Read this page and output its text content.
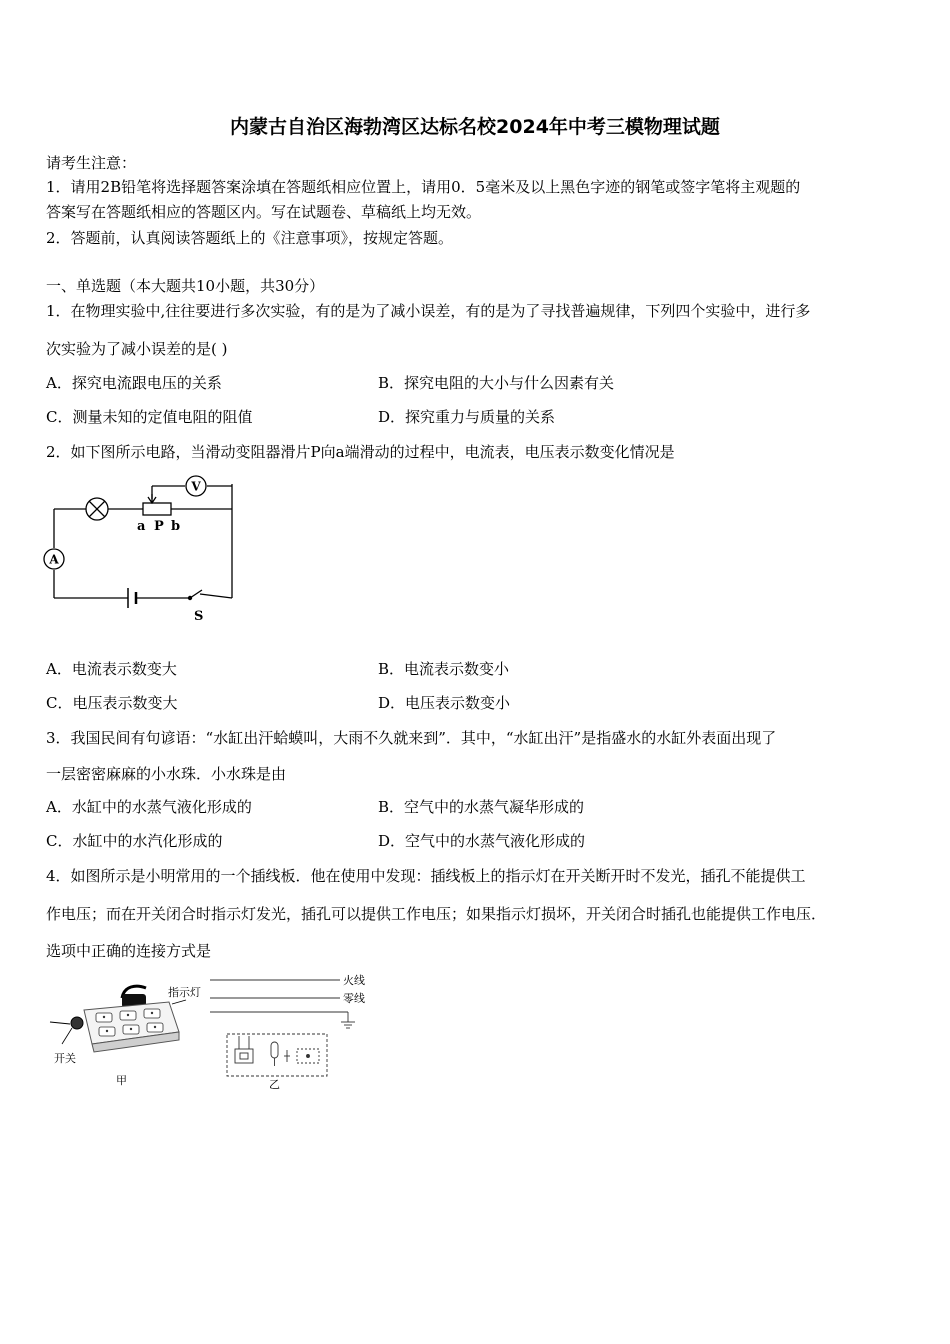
内蒙古自治区海勃湾区达标名校2024年中考三模物理试题
请考生注意：
1．请用2B铅笔将选择题答案涂填在答题纸相应位置上，请用0．5毫米及以上黑色字迹的钢笔或签字笔将主观题的
答案写在答题纸相应的答题区内。写在试题卷、草稿纸上均无效。
2．答题前，认真阅读答题纸上的《注意事项》，按规定答题。
一、单选题（本大题共10小题，共30分）
1．在物理实验中,往往要进行多次实验，有的是为了减小误差，有的是为了寻找普遍规律，下列四个实验中，进行多
次实验为了减小误差的是( )
A．探究电流跟电压的关系	B．探究电阻的大小与什么因素有关
C．测量未知的定值电阻的阻值	D．探究重力与质量的关系
2．如下图所示电路，当滑动变阻器滑片P向a端滑动的过程中，电流表，电压表示数变化情况是
V
A
a P b
S
A．电流表示数变大	B．电流表示数变小
C．电压表示数变大	D．电压表示数变小
3．我国民间有句谚语：“水缸出汗蛤蟆叫，大雨不久就来到”．其中，“水缸出汗”是指盛水的水缸外表面出现了
一层密密麻麻的小水珠．小水珠是由
A．水缸中的水蒸气液化形成的	B．空气中的水蒸气凝华形成的
C．水缸中的水汽化形成的	D．空气中的水蒸气液化形成的
4．如图所示是小明常用的一个插线板．他在使用中发现：插线板上的指示灯在开关断开时不发光，插孔不能提供工
作电压；而在开关闭合时指示灯发光，插孔可以提供工作电压；如果指示灯损坏，开关闭合时插孔也能提供工作电压．
选项中正确的连接方式是
指示灯
开关
甲
火线
零线
乙
